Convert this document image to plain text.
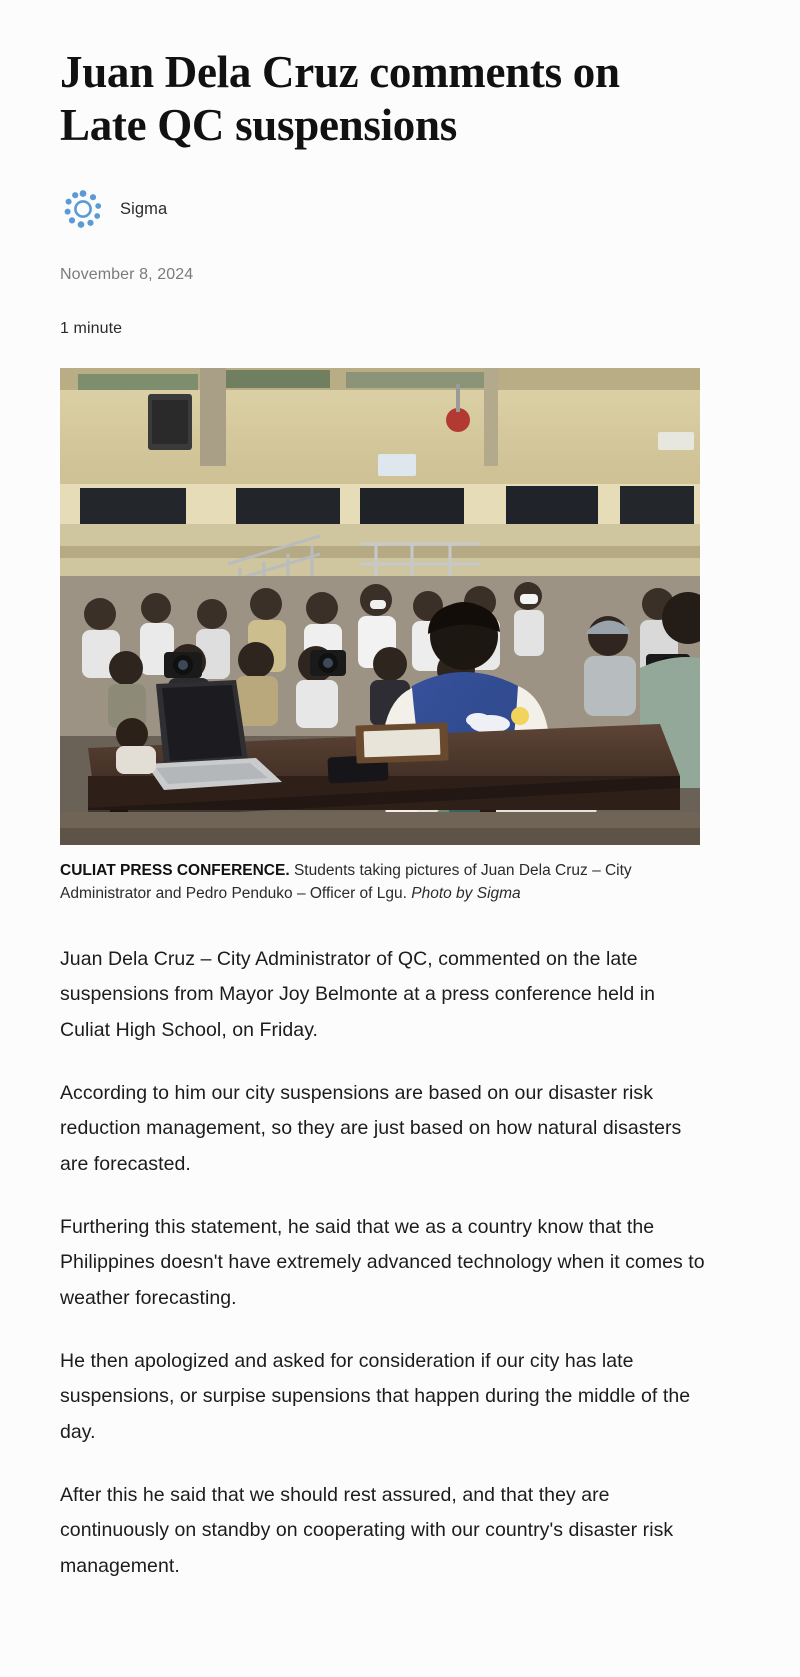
Juan Dela Cruz comments on Late QC suspensions
Sigma
November 8, 2024
1 minute

CULIAT PRESS CONFERENCE. Students taking pictures of Juan Dela Cruz – City Administrator and Pedro Penduko – Officer of Lgu. Photo by Sigma

Juan Dela Cruz – City Administrator of QC, commented on the late suspensions from Mayor Joy Belmonte at a press conference held in Culiat High School, on Friday.

According to him our city suspensions are based on our disaster risk reduction management, so they are just based on how natural disasters are forecasted.

Furthering this statement, he said that we as a country know that the Philippines doesn't have extremely advanced technology when it comes to weather forecasting.

He then apologized and asked for consideration if our city has late suspensions, or surpise supensions that happen during the middle of the day.

After this he said that we should rest assured, and that they are continuously on standby on cooperating with our country's disaster risk management.
